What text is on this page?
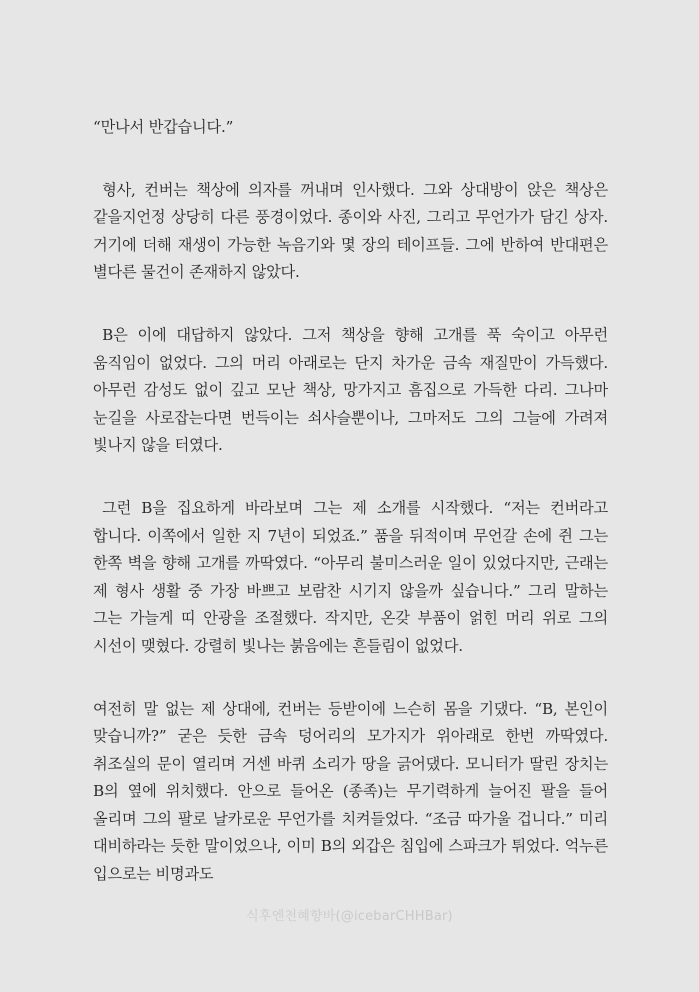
“만나서 반갑습니다.”

형사, 컨버는 책상에 의자를 꺼내며 인사했다. 그와 상대방이 앉은 책상은 같을지언정 상당히 다른 풍경이었다. 종이와 사진, 그리고 무언가가 담긴 상자. 거기에 더해 재생이 가능한 녹음기와 몇 장의 테이프들. 그에 반하여 반대편은 별다른 물건이 존재하지 않았다.

B은 이에 대답하지 않았다. 그저 책상을 향해 고개를 푹 숙이고 아무런 움직임이 없었다. 그의 머리 아래로는 단지 차가운 금속 재질만이 가득했다. 아무런 감성도 없이 깊고 모난 책상, 망가지고 흠집으로 가득한 다리. 그나마 눈길을 사로잡는다면 번득이는 쇠사슬뿐이나, 그마저도 그의 그늘에 가려져 빛나지 않을 터였다.

그런 B을 집요하게 바라보며 그는 제 소개를 시작했다. “저는 컨버라고 합니다. 이쪽에서 일한 지 7년이 되었죠.” 품을 뒤적이며 무언갈 손에 쥔 그는 한쪽 벽을 향해 고개를 까딱였다. “아무리 불미스러운 일이 있었다지만, 근래는 제 형사 생활 중 가장 바쁘고 보람찬 시기지 않을까 싶습니다.” 그리 말하는 그는 가늘게 띠 안광을 조절했다. 작지만, 온갖 부품이 얽힌 머리 위로 그의 시선이 맺혔다. 강렬히 빛나는 붉음에는 흔들림이 없었다.

여전히 말 없는 제 상대에, 컨버는 등받이에 느슨히 몸을 기댔다. “B, 본인이 맞습니까?” 굳은 듯한 금속 덩어리의 모가지가 위아래로 한번 까딱였다. 취조실의 문이 열리며 거센 바퀴 소리가 땅을 긁어댔다. 모니터가 딸린 장치는 B의 옆에 위치했다. 안으로 들어온 (종족)는 무기력하게 늘어진 팔을 들어 올리며 그의 팔로 날카로운 무언가를 치켜들었다. “조금 따가울 겁니다.” 미리 대비하라는 듯한 말이었으나, 이미 B의 외갑은 침입에 스파크가 튀었다. 억누른 입으로는 비명과도

식후엔천혜향바(@icebarCHHBar)
